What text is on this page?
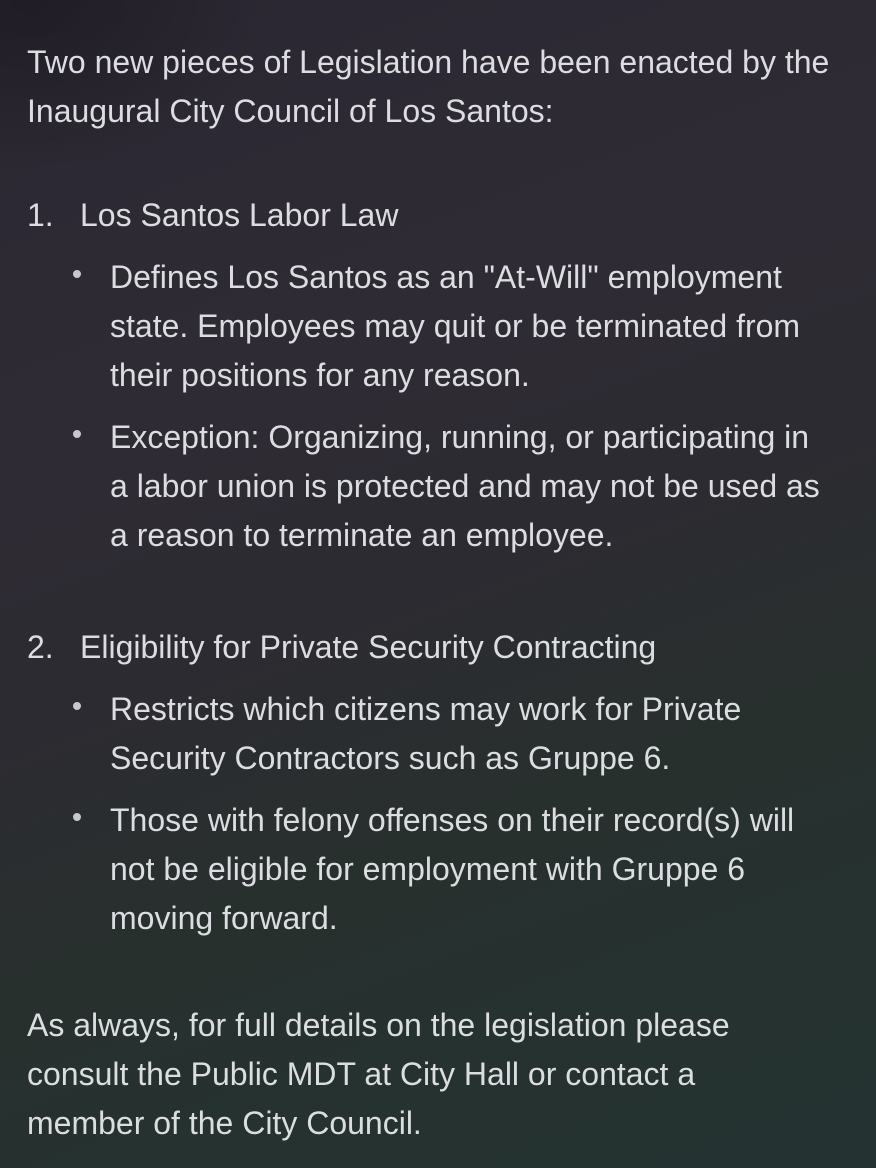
Two new pieces of Legislation have been enacted by the
Inaugural City Council of Los Santos:
1. Los Santos Labor Law
Defines Los Santos as an "At-Will" employment
state. Employees may quit or be terminated from
their positions for any reason.
Exception: Organizing, running, or participating in
a labor union is protected and may not be used as
a reason to terminate an employee.
2. Eligibility for Private Security Contracting
Restricts which citizens may work for Private
Security Contractors such as Gruppe 6.
Those with felony offenses on their record(s) will
not be eligible for employment with Gruppe 6
moving forward.
As always, for full details on the legislation please
consult the Public MDT at City Hall or contact a
member of the City Council.
